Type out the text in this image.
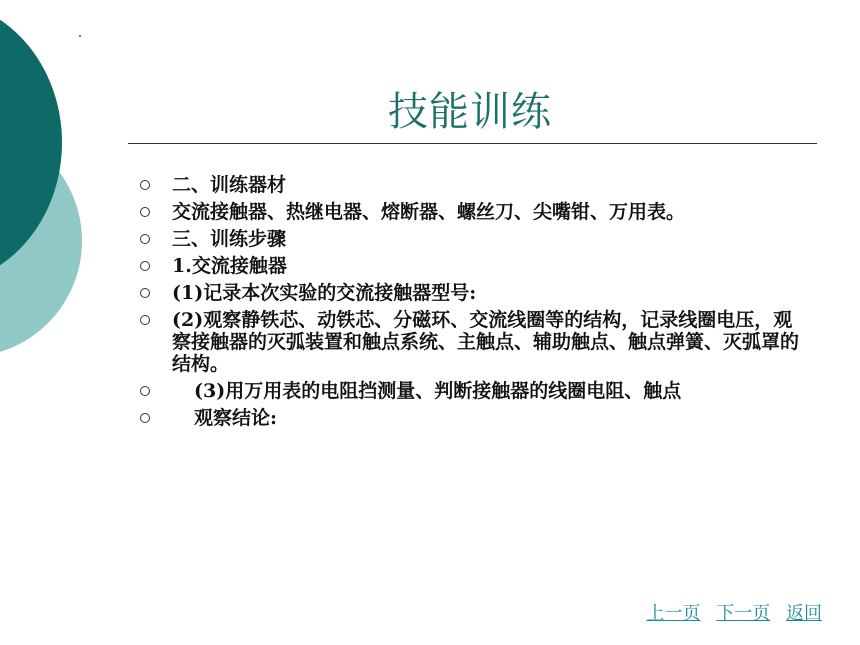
技能训练
二、训练器材
交流接触器、热继电器、熔断器、螺丝刀、尖嘴钳、万用表。
三、训练步骤
1.交流接触器
(1)记录本次实验的交流接触器型号:
(2)观察静铁芯、动铁芯、分磁环、交流线圈等的结构，记录线圈电压，观察接触器的灭弧装置和触点系统、主触点、辅助触点、触点弹簧、灭弧罩的结构。
(3)用万用表的电阻挡测量、判断接触器的线圈电阻、触点
观察结论:
上一页 下一页 返回
